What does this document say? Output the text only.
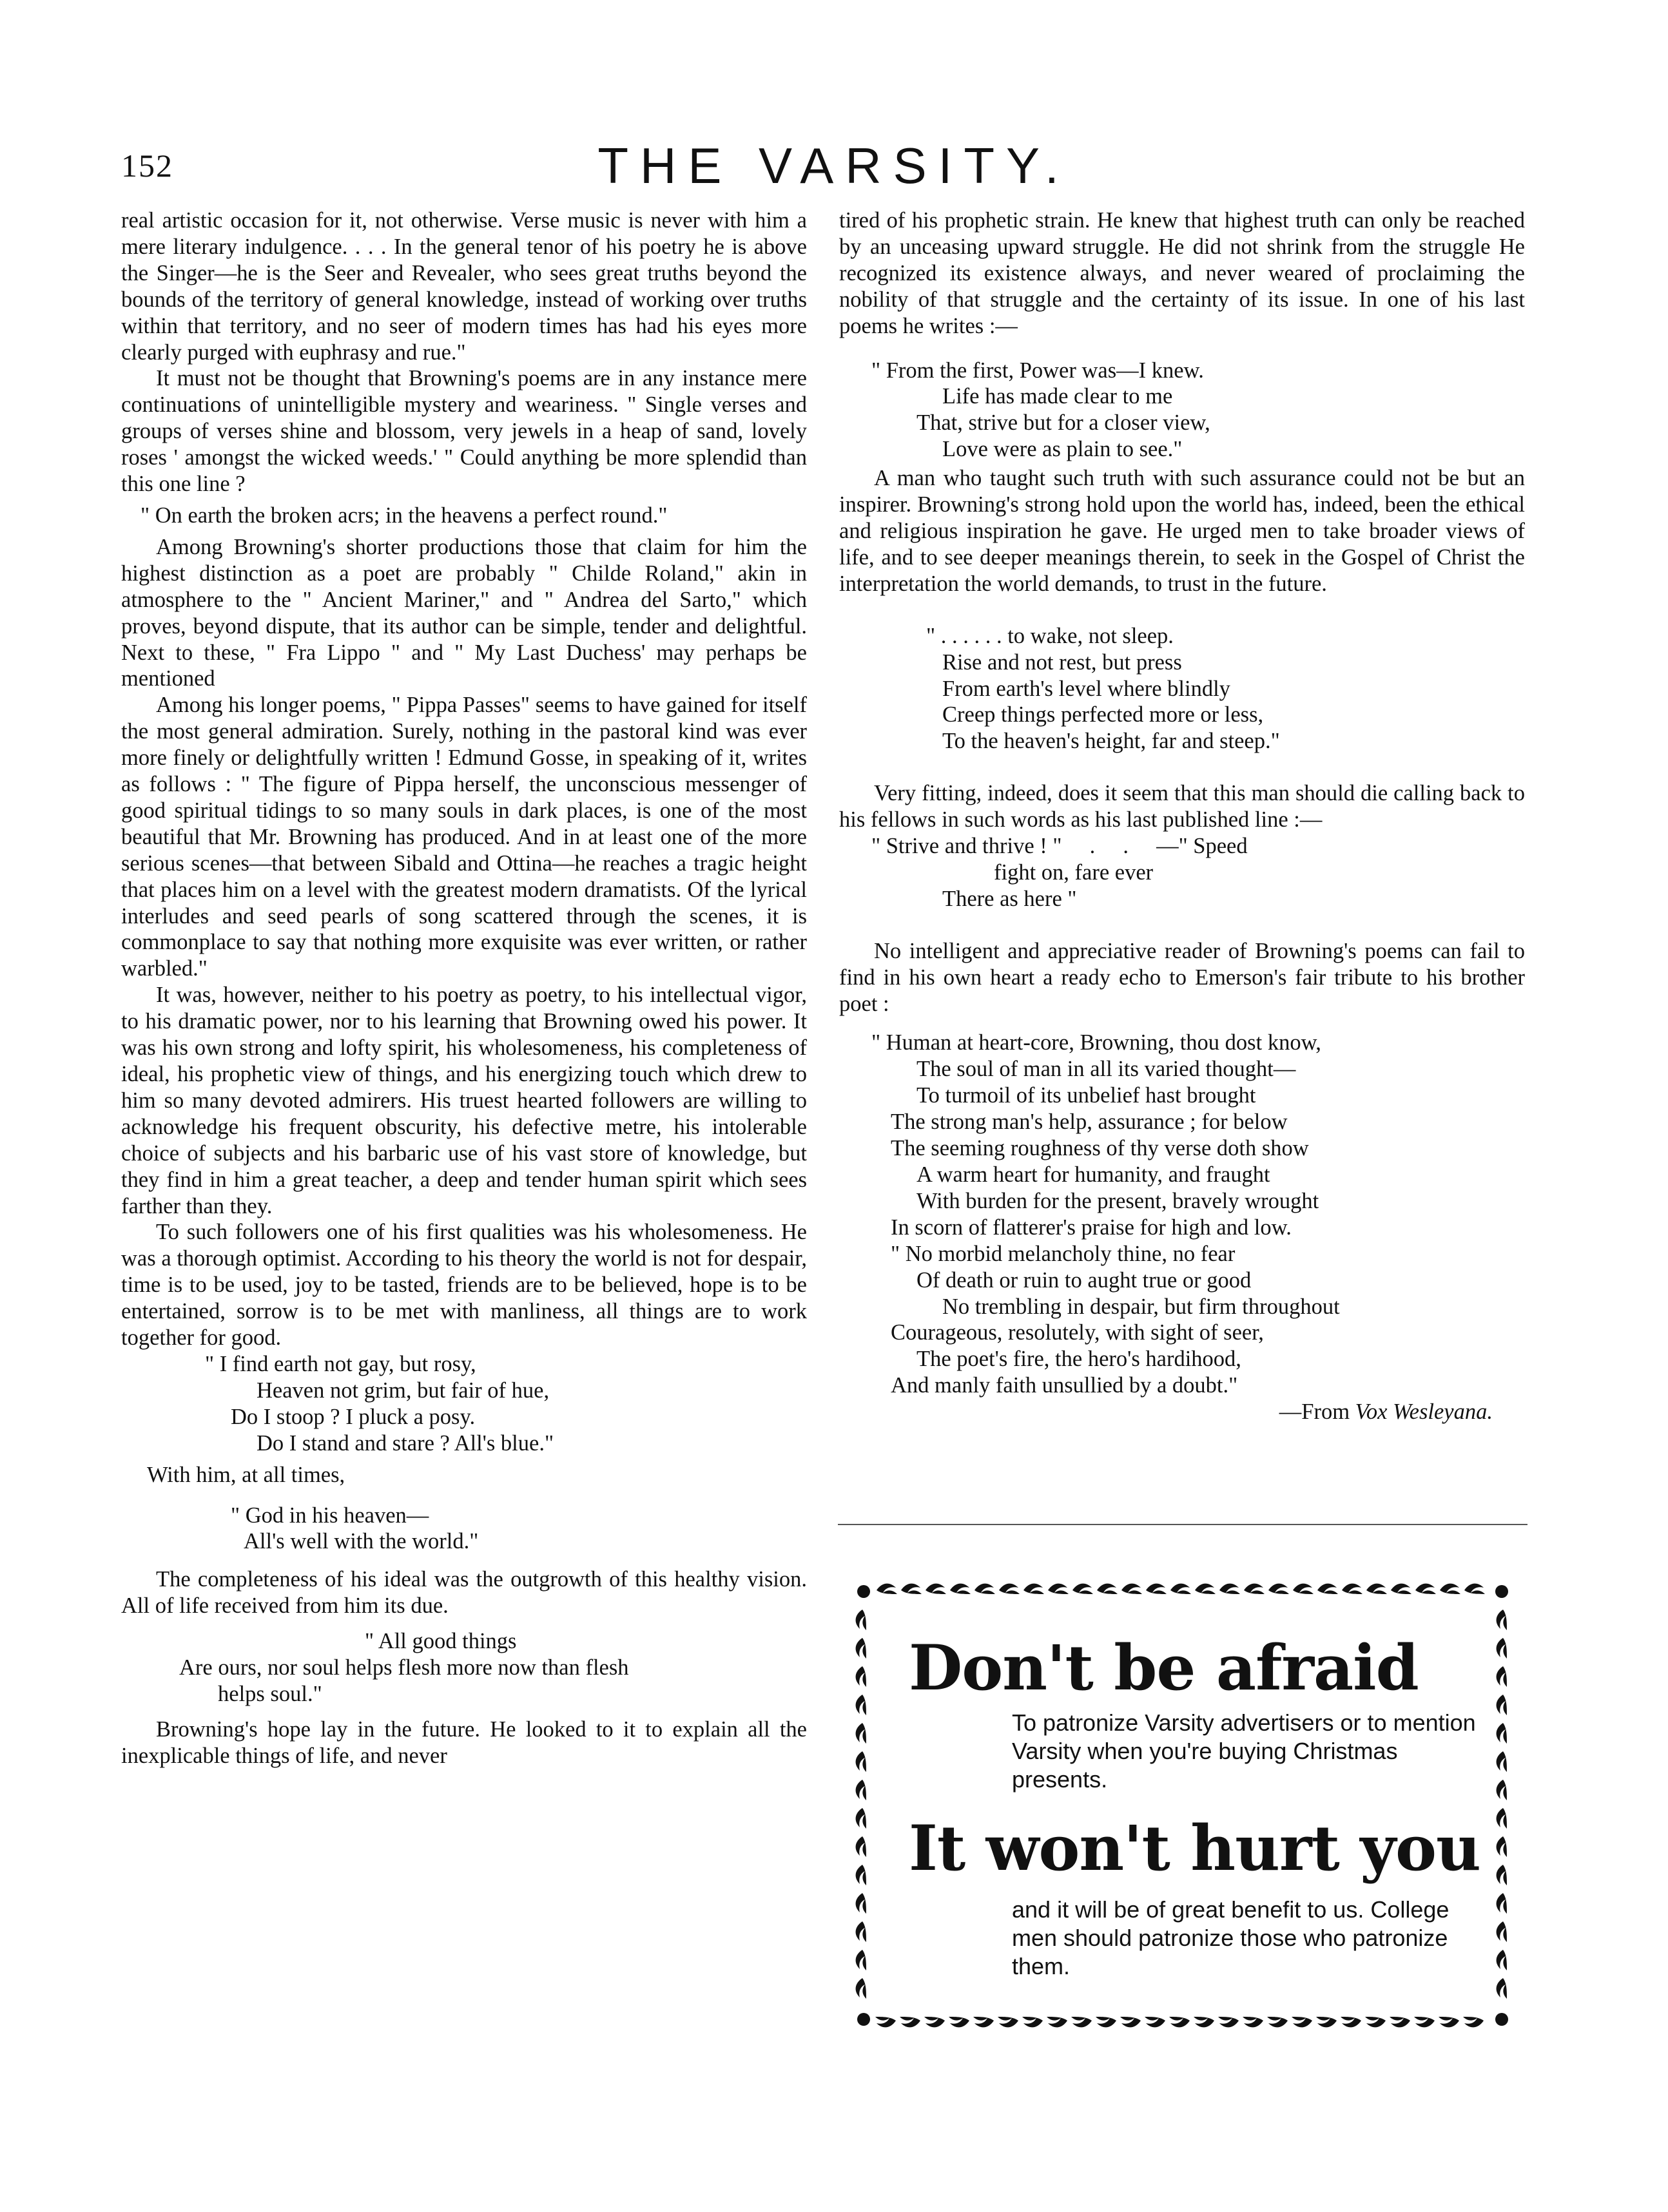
152	THE VARSITY.

real artistic occasion for it, not otherwise. Verse music is never with him a mere literary indulgence. . . . In the general tenor of his poetry he is above the Singer—he is the Seer and Revealer, who sees great truths beyond the bounds of the territory of general knowledge, instead of working over truths within that territory, and no seer of modern times has had his eyes more clearly purged with euphrasy and rue."

It must not be thought that Browning's poems are in any instance mere continuations of unintelligible mystery and weariness. " Single verses and groups of verses shine and blossom, very jewels in a heap of sand, lovely roses ' amongst the wicked weeds.' " Could anything be more splendid than this one line ?

" On earth the broken acrs; in the heavens a perfect round."

Among Browning's shorter productions those that claim for him the highest distinction as a poet are probably " Childe Roland," akin in atmosphere to the " Ancient Mariner," and " Andrea del Sarto," which proves, beyond dispute, that its author can be simple, tender and delightful. Next to these, " Fra Lippo " and " My Last Duchess' may perhaps be mentioned

Among his longer poems, " Pippa Passes" seems to have gained for itself the most general admiration. Surely, nothing in the pastoral kind was ever more finely or delightfully written ! Edmund Gosse, in speaking of it, writes as follows : " The figure of Pippa herself, the unconscious messenger of good spiritual tidings to so many souls in dark places, is one of the most beautiful that Mr. Browning has produced. And in at least one of the more serious scenes—that between Sibald and Ottina—he reaches a tragic height that places him on a level with the greatest modern dramatists. Of the lyrical interludes and seed pearls of song scattered through the scenes, it is commonplace to say that nothing more exquisite was ever written, or rather warbled."

It was, however, neither to his poetry as poetry, to his intellectual vigor, to his dramatic power, nor to his learning that Browning owed his power. It was his own strong and lofty spirit, his wholesomeness, his completeness of ideal, his prophetic view of things, and his energizing touch which drew to him so many devoted admirers. His truest hearted followers are willing to acknowledge his frequent obscurity, his defective metre, his intolerable choice of subjects and his barbaric use of his vast store of knowledge, but they find in him a great teacher, a deep and tender human spirit which sees farther than they.

To such followers one of his first qualities was his wholesomeness. He was a thorough optimist. According to his theory the world is not for despair, time is to be used, joy to be tasted, friends are to be believed, hope is to be entertained, sorrow is to be met with manliness, all things are to work together for good.

" I find earth not gay, but rosy,
Heaven not grim, but fair of hue,
Do I stoop ? I pluck a posy.
Do I stand and stare ? All's blue."

With him, at all times,

" God in his heaven—
All's well with the world."

The completeness of his ideal was the outgrowth of this healthy vision. All of life received from him its due.

" All good things
Are ours, nor soul helps flesh more now than flesh
helps soul."

Browning's hope lay in the future. He looked to it to explain all the inexplicable things of life, and never

tired of his prophetic strain. He knew that highest truth can only be reached by an unceasing upward struggle. He did not shrink from the struggle He recognized its existence always, and never weared of proclaiming the nobility of that struggle and the certainty of its issue. In one of his last poems he writes :—

" From the first, Power was—I knew.
Life has made clear to me
That, strive but for a closer view,
Love were as plain to see."

A man who taught such truth with such assurance could not be but an inspirer. Browning's strong hold upon the world has, indeed, been the ethical and religious inspiration he gave. He urged men to take broader views of life, and to see deeper meanings therein, to seek in the Gospel of Christ the interpretation the world demands, to trust in the future.

" . . . . . . to wake, not sleep.
Rise and not rest, but press
From earth's level where blindly
Creep things perfected more or less,
To the heaven's height, far and steep."

Very fitting, indeed, does it seem that this man should die calling back to his fellows in such words as his last published line :—

" Strive and thrive ! "     .     .     —" Speed
fight on, fare ever
There as here "

No intelligent and appreciative reader of Browning's poems can fail to find in his own heart a ready echo to Emerson's fair tribute to his brother poet :

" Human at heart-core, Browning, thou dost know,
The soul of man in all its varied thought—
To turmoil of its unbelief hast brought
The strong man's help, assurance ; for below
The seeming roughness of thy verse doth show
A warm heart for humanity, and fraught
With burden for the present, bravely wrought
In scorn of flatterer's praise for high and low.
" No morbid melancholy thine, no fear
Of death or ruin to aught true or good
No trembling in despair, but firm throughout
Courageous, resolutely, with sight of seer,
The poet's fire, the hero's hardihood,
And manly faith unsullied by a doubt."

—From Vox Wesleyana.

Don't be afraid
To patronize Varsity advertisers or to mention Varsity when you're buying Christmas presents.
It won't hurt you
and it will be of great benefit to us. College men should patronize those who patronize them.
